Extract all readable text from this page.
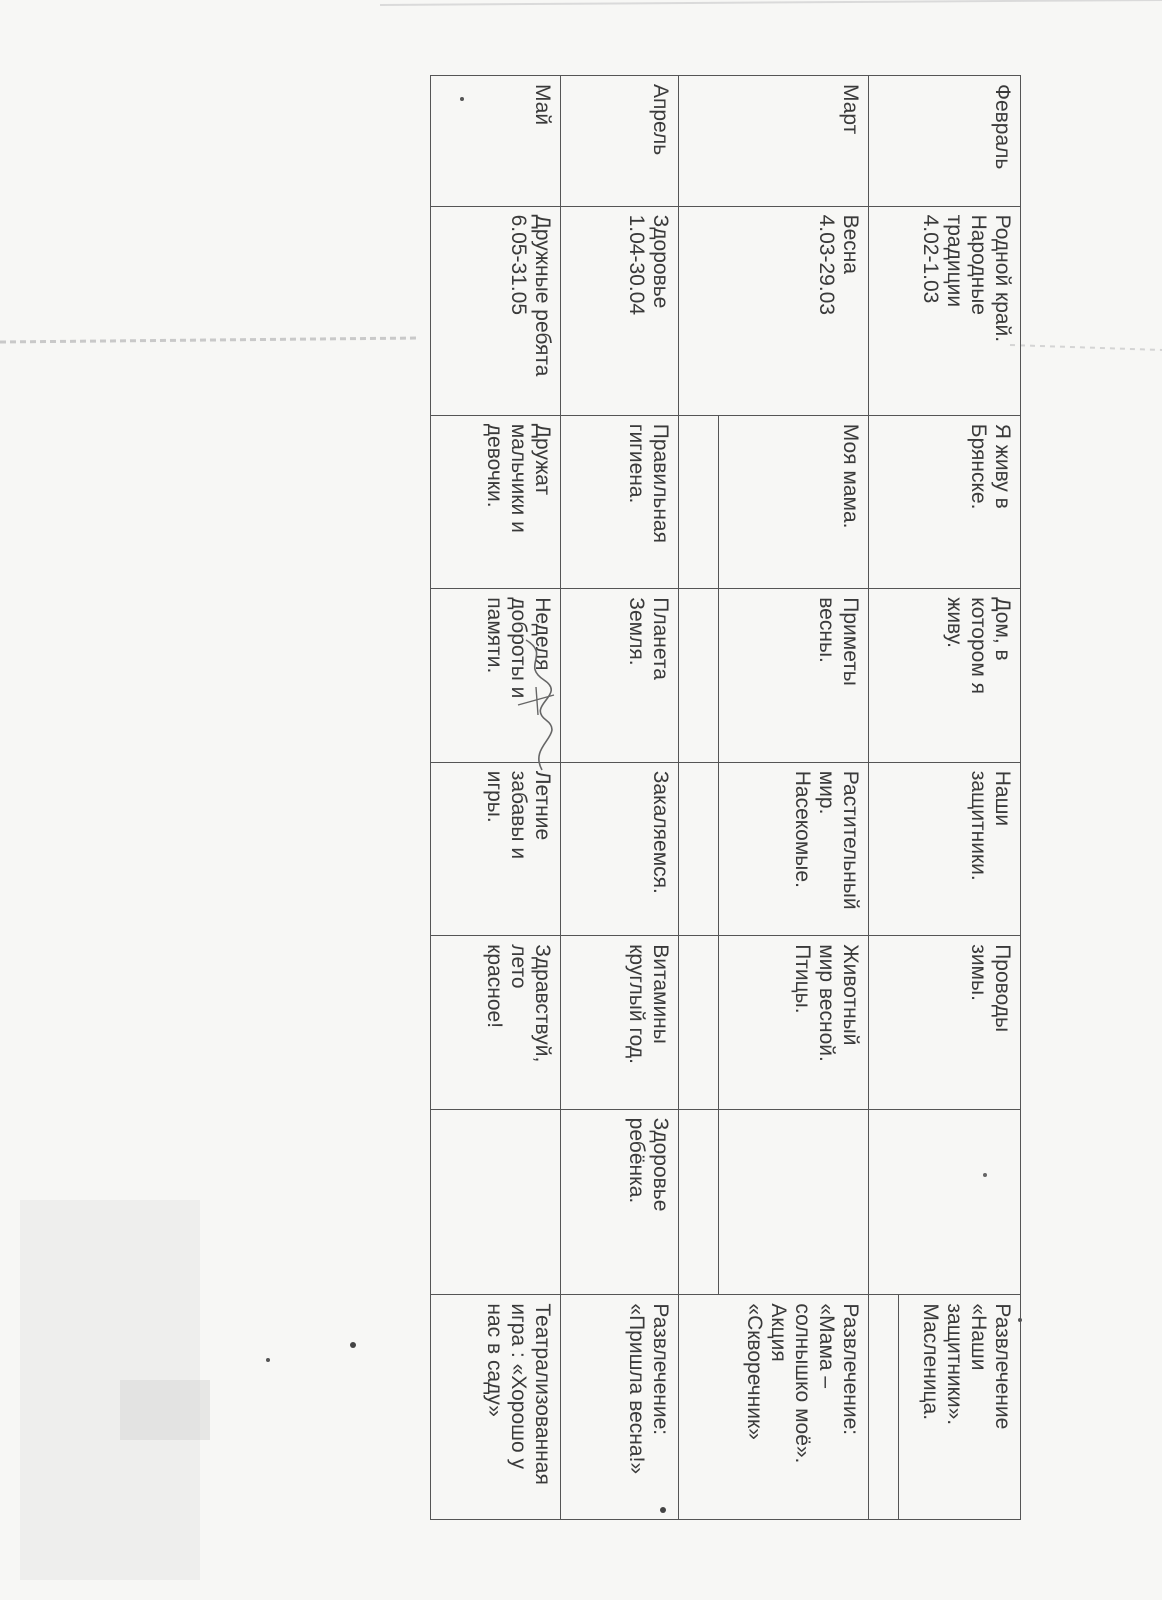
Февраль	Родной край.
Народные
традиции
4.02-1.03	Я живу в
Брянске.	Дом, в
котором я
живу.	Наши
защитники.	Проводы
зимы.		Развлечение
«Наши
защитники».
Масленица.

Март	Весна
4.03-29.03	Моя мама.	Приметы
весны.	Растительный
мир.
Насекомые.	Животный
мир весной.
Птицы.		Развлечение:
«Мама –
солнышко моё».
Акция
«Скворечник»

Апрель	Здоровье
1.04-30.04	Правильная
гигиена.	Планета
Земля.	Закаляемся.	Витамины
круглый год.	Здоровье
ребёнка.	Развлечение:
«Пришла весна!»
Май	Дружные ребята
6.05-31.05	Дружат
мальчики и
девочки.	Неделя
доброты и
памяти.	Летние
забавы и
игры.	Здравствуй,
лето
красное!		Театрализованная
игра : «Хорошо у
нас в саду»
